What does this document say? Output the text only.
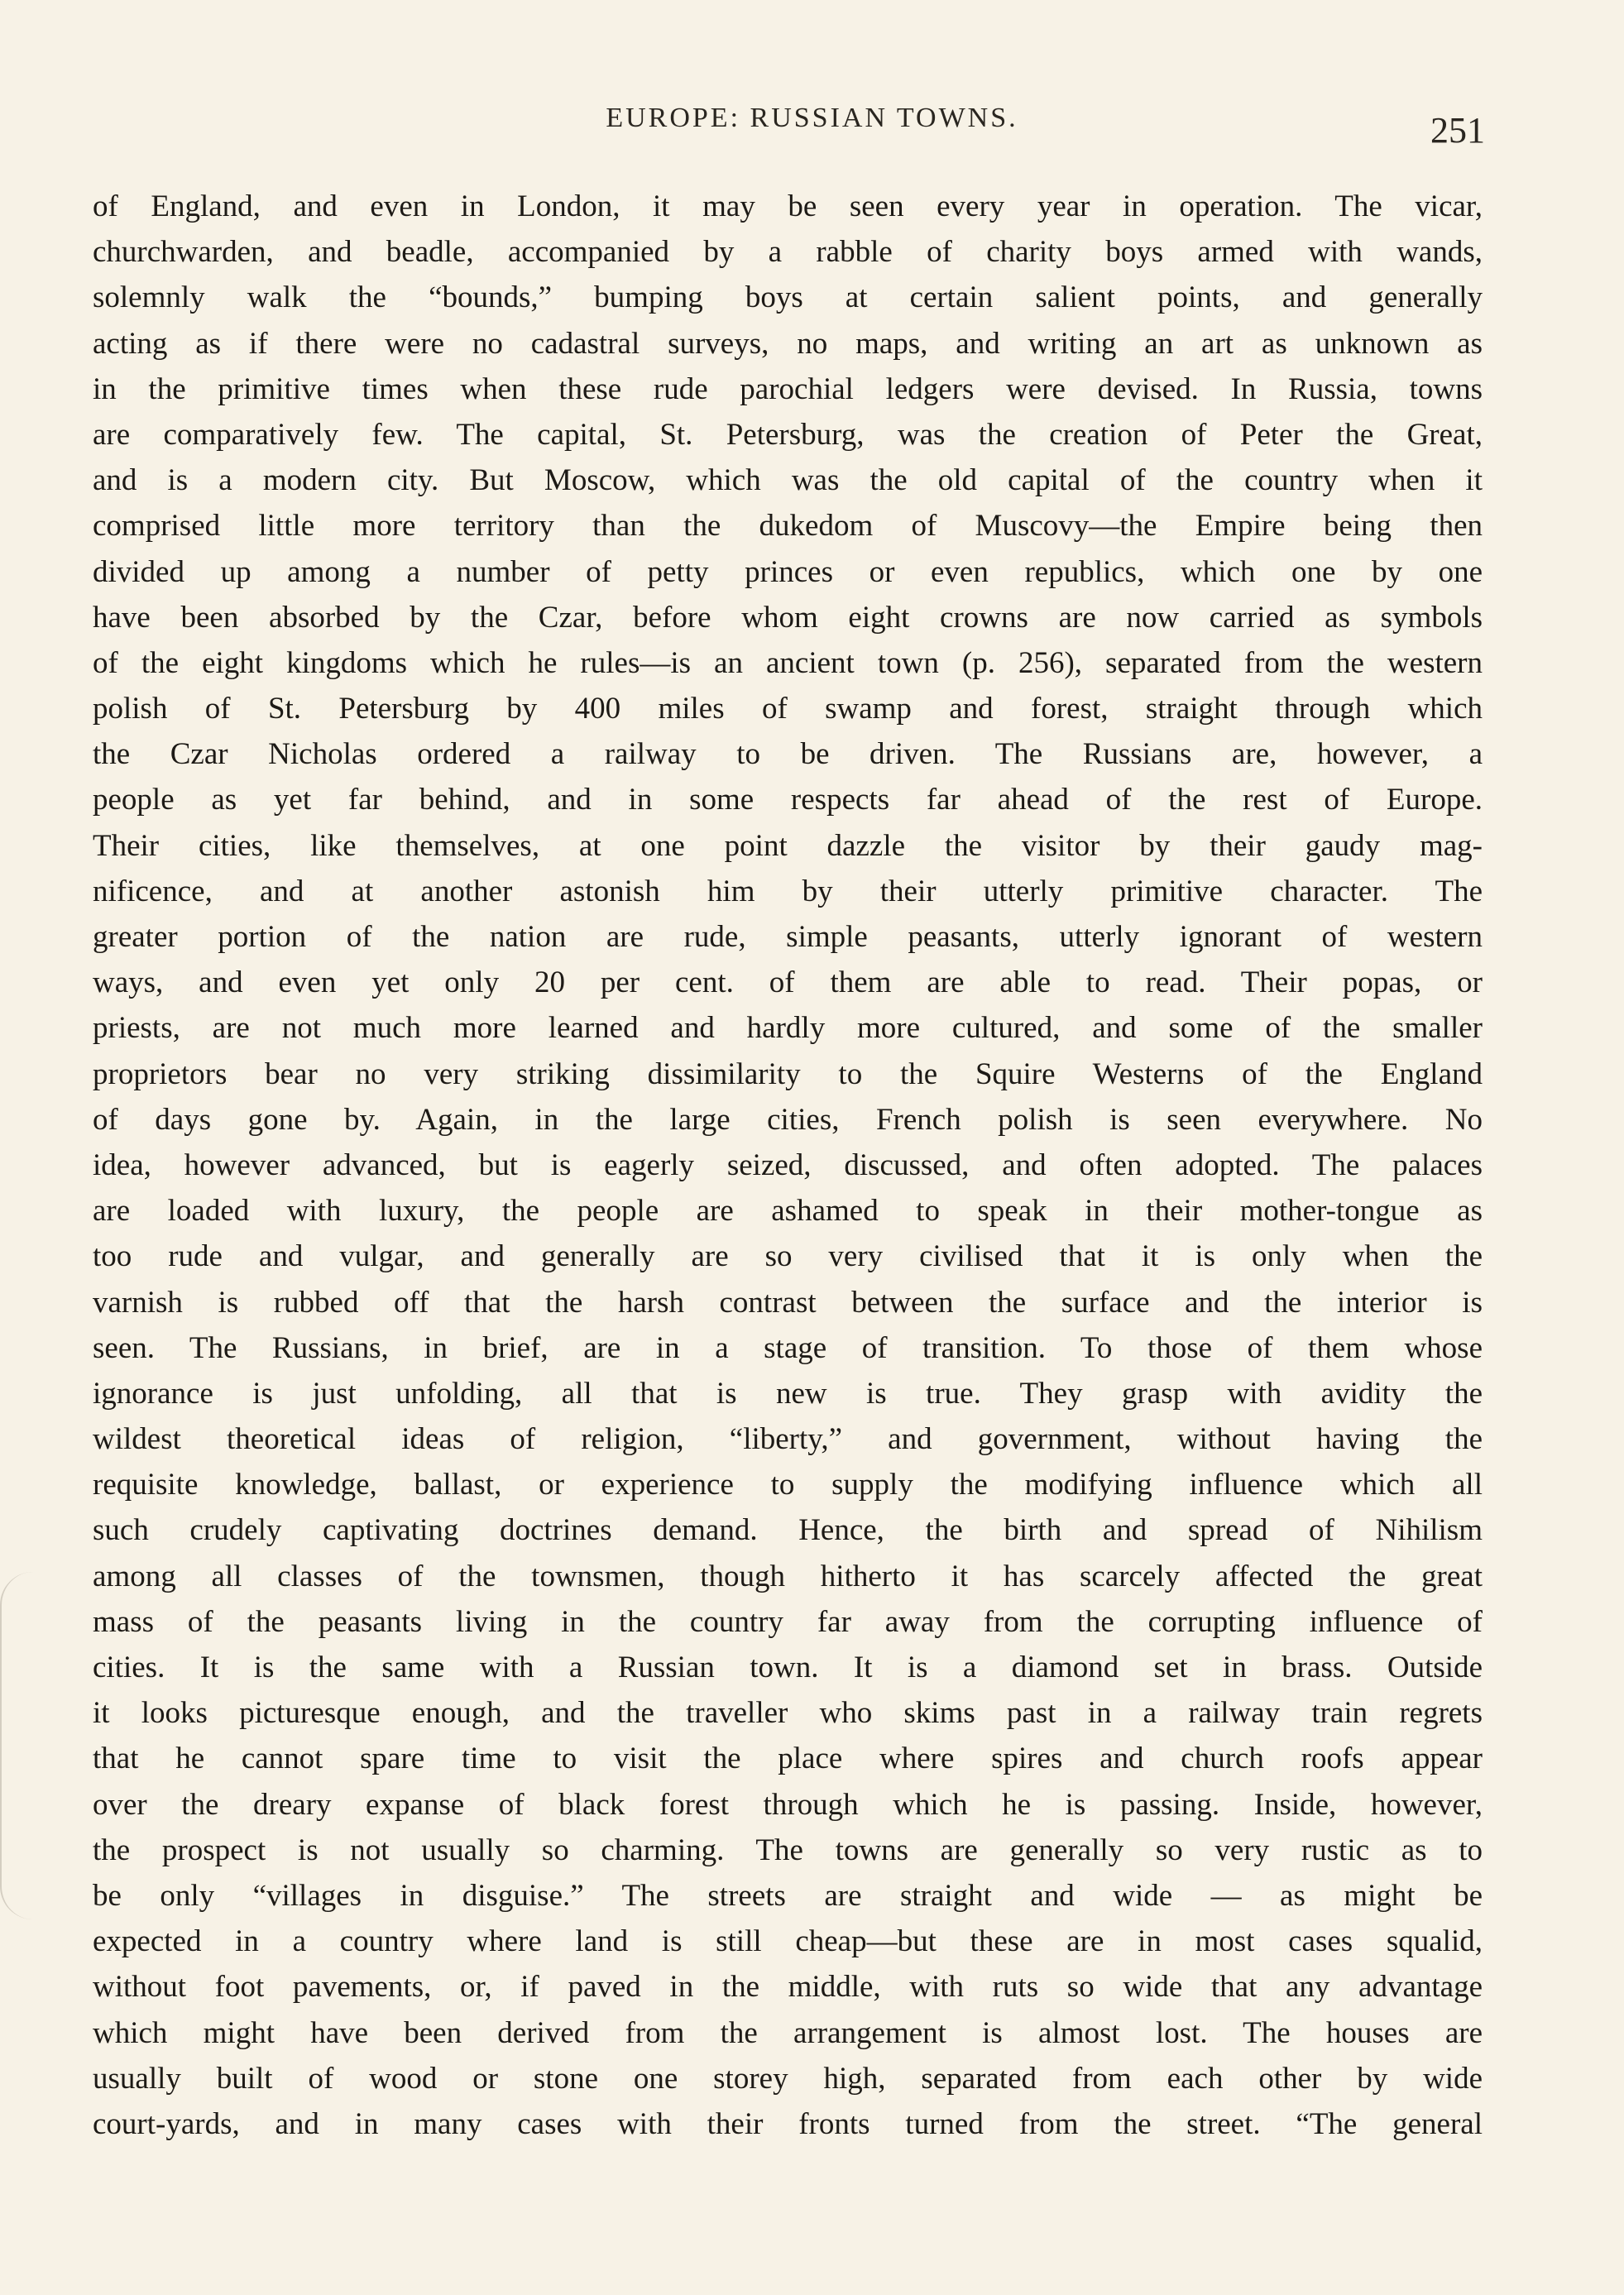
EUROPE: RUSSIAN TOWNS.	251
of England, and even in London, it may be seen every year in operation. The vicar,
churchwarden, and beadle, accompanied by a rabble of charity boys armed with wands,
solemnly walk the “bounds,” bumping boys at certain salient points, and generally
acting as if there were no cadastral surveys, no maps, and writing an art as unknown as
in the primitive times when these rude parochial ledgers were devised. In Russia, towns
are comparatively few. The capital, St. Petersburg, was the creation of Peter the Great,
and is a modern city. But Moscow, which was the old capital of the country when it
comprised little more territory than the dukedom of Muscovy—the Empire being then
divided up among a number of petty princes or even republics, which one by one
have been absorbed by the Czar, before whom eight crowns are now carried as symbols
of the eight kingdoms which he rules—is an ancient town (p. 256), separated from the western
polish of St. Petersburg by 400 miles of swamp and forest, straight through which
the Czar Nicholas ordered a railway to be driven. The Russians are, however, a
people as yet far behind, and in some respects far ahead of the rest of Europe.
Their cities, like themselves, at one point dazzle the visitor by their gaudy mag-
nificence, and at another astonish him by their utterly primitive character. The
greater portion of the nation are rude, simple peasants, utterly ignorant of western
ways, and even yet only 20 per cent. of them are able to read. Their popas, or
priests, are not much more learned and hardly more cultured, and some of the smaller
proprietors bear no very striking dissimilarity to the Squire Westerns of the England
of days gone by. Again, in the large cities, French polish is seen everywhere. No
idea, however advanced, but is eagerly seized, discussed, and often adopted. The palaces
are loaded with luxury, the people are ashamed to speak in their mother-tongue as
too rude and vulgar, and generally are so very civilised that it is only when the
varnish is rubbed off that the harsh contrast between the surface and the interior is
seen. The Russians, in brief, are in a stage of transition. To those of them whose
ignorance is just unfolding, all that is new is true. They grasp with avidity the
wildest theoretical ideas of religion, “liberty,” and government, without having the
requisite knowledge, ballast, or experience to supply the modifying influence which all
such crudely captivating doctrines demand. Hence, the birth and spread of Nihilism
among all classes of the townsmen, though hitherto it has scarcely affected the great
mass of the peasants living in the country far away from the corrupting influence of
cities. It is the same with a Russian town. It is a diamond set in brass. Outside
it looks picturesque enough, and the traveller who skims past in a railway train regrets
that he cannot spare time to visit the place where spires and church roofs appear
over the dreary expanse of black forest through which he is passing. Inside, however,
the prospect is not usually so charming. The towns are generally so very rustic as to
be only “villages in disguise.” The streets are straight and wide — as might be
expected in a country where land is still cheap—but these are in most cases squalid,
without foot pavements, or, if paved in the middle, with ruts so wide that any advantage
which might have been derived from the arrangement is almost lost. The houses are
usually built of wood or stone one storey high, separated from each other by wide
court-yards, and in many cases with their fronts turned from the street. “The general
